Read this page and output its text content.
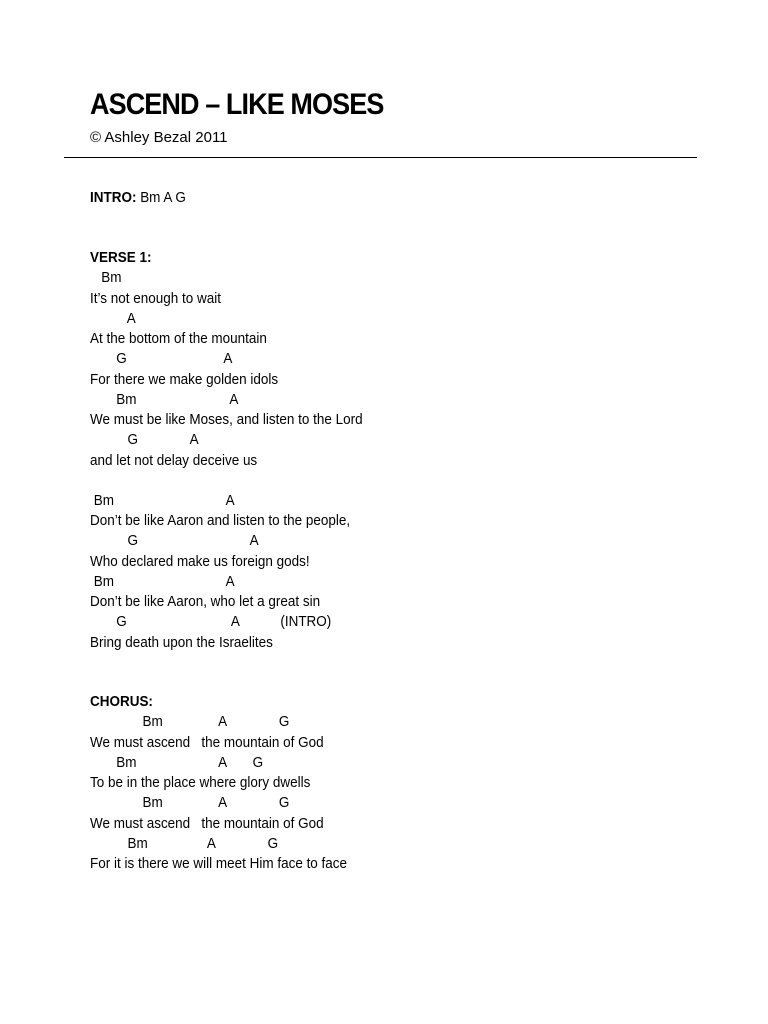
ASCEND – LIKE MOSES
© Ashley Bezal 2011
INTRO: Bm A G
VERSE 1:
Bm
It’s not enough to wait
A
At the bottom of the mountain
G                          A
For there we make golden idols
Bm                         A
We must be like Moses, and listen to the Lord
G              A
and let not delay deceive us
Bm                              A
Don’t be like Aaron and listen to the people,
G                              A
Who declared make us foreign gods!
Bm                              A
Don’t be like Aaron, who let a great sin
G                            A           (INTRO)
Bring death upon the Israelites
CHORUS:
Bm               A              G
We must ascend   the mountain of God
Bm                      A       G
To be in the place where glory dwells
Bm               A              G
We must ascend   the mountain of God
Bm                A              G
For it is there we will meet Him face to face
